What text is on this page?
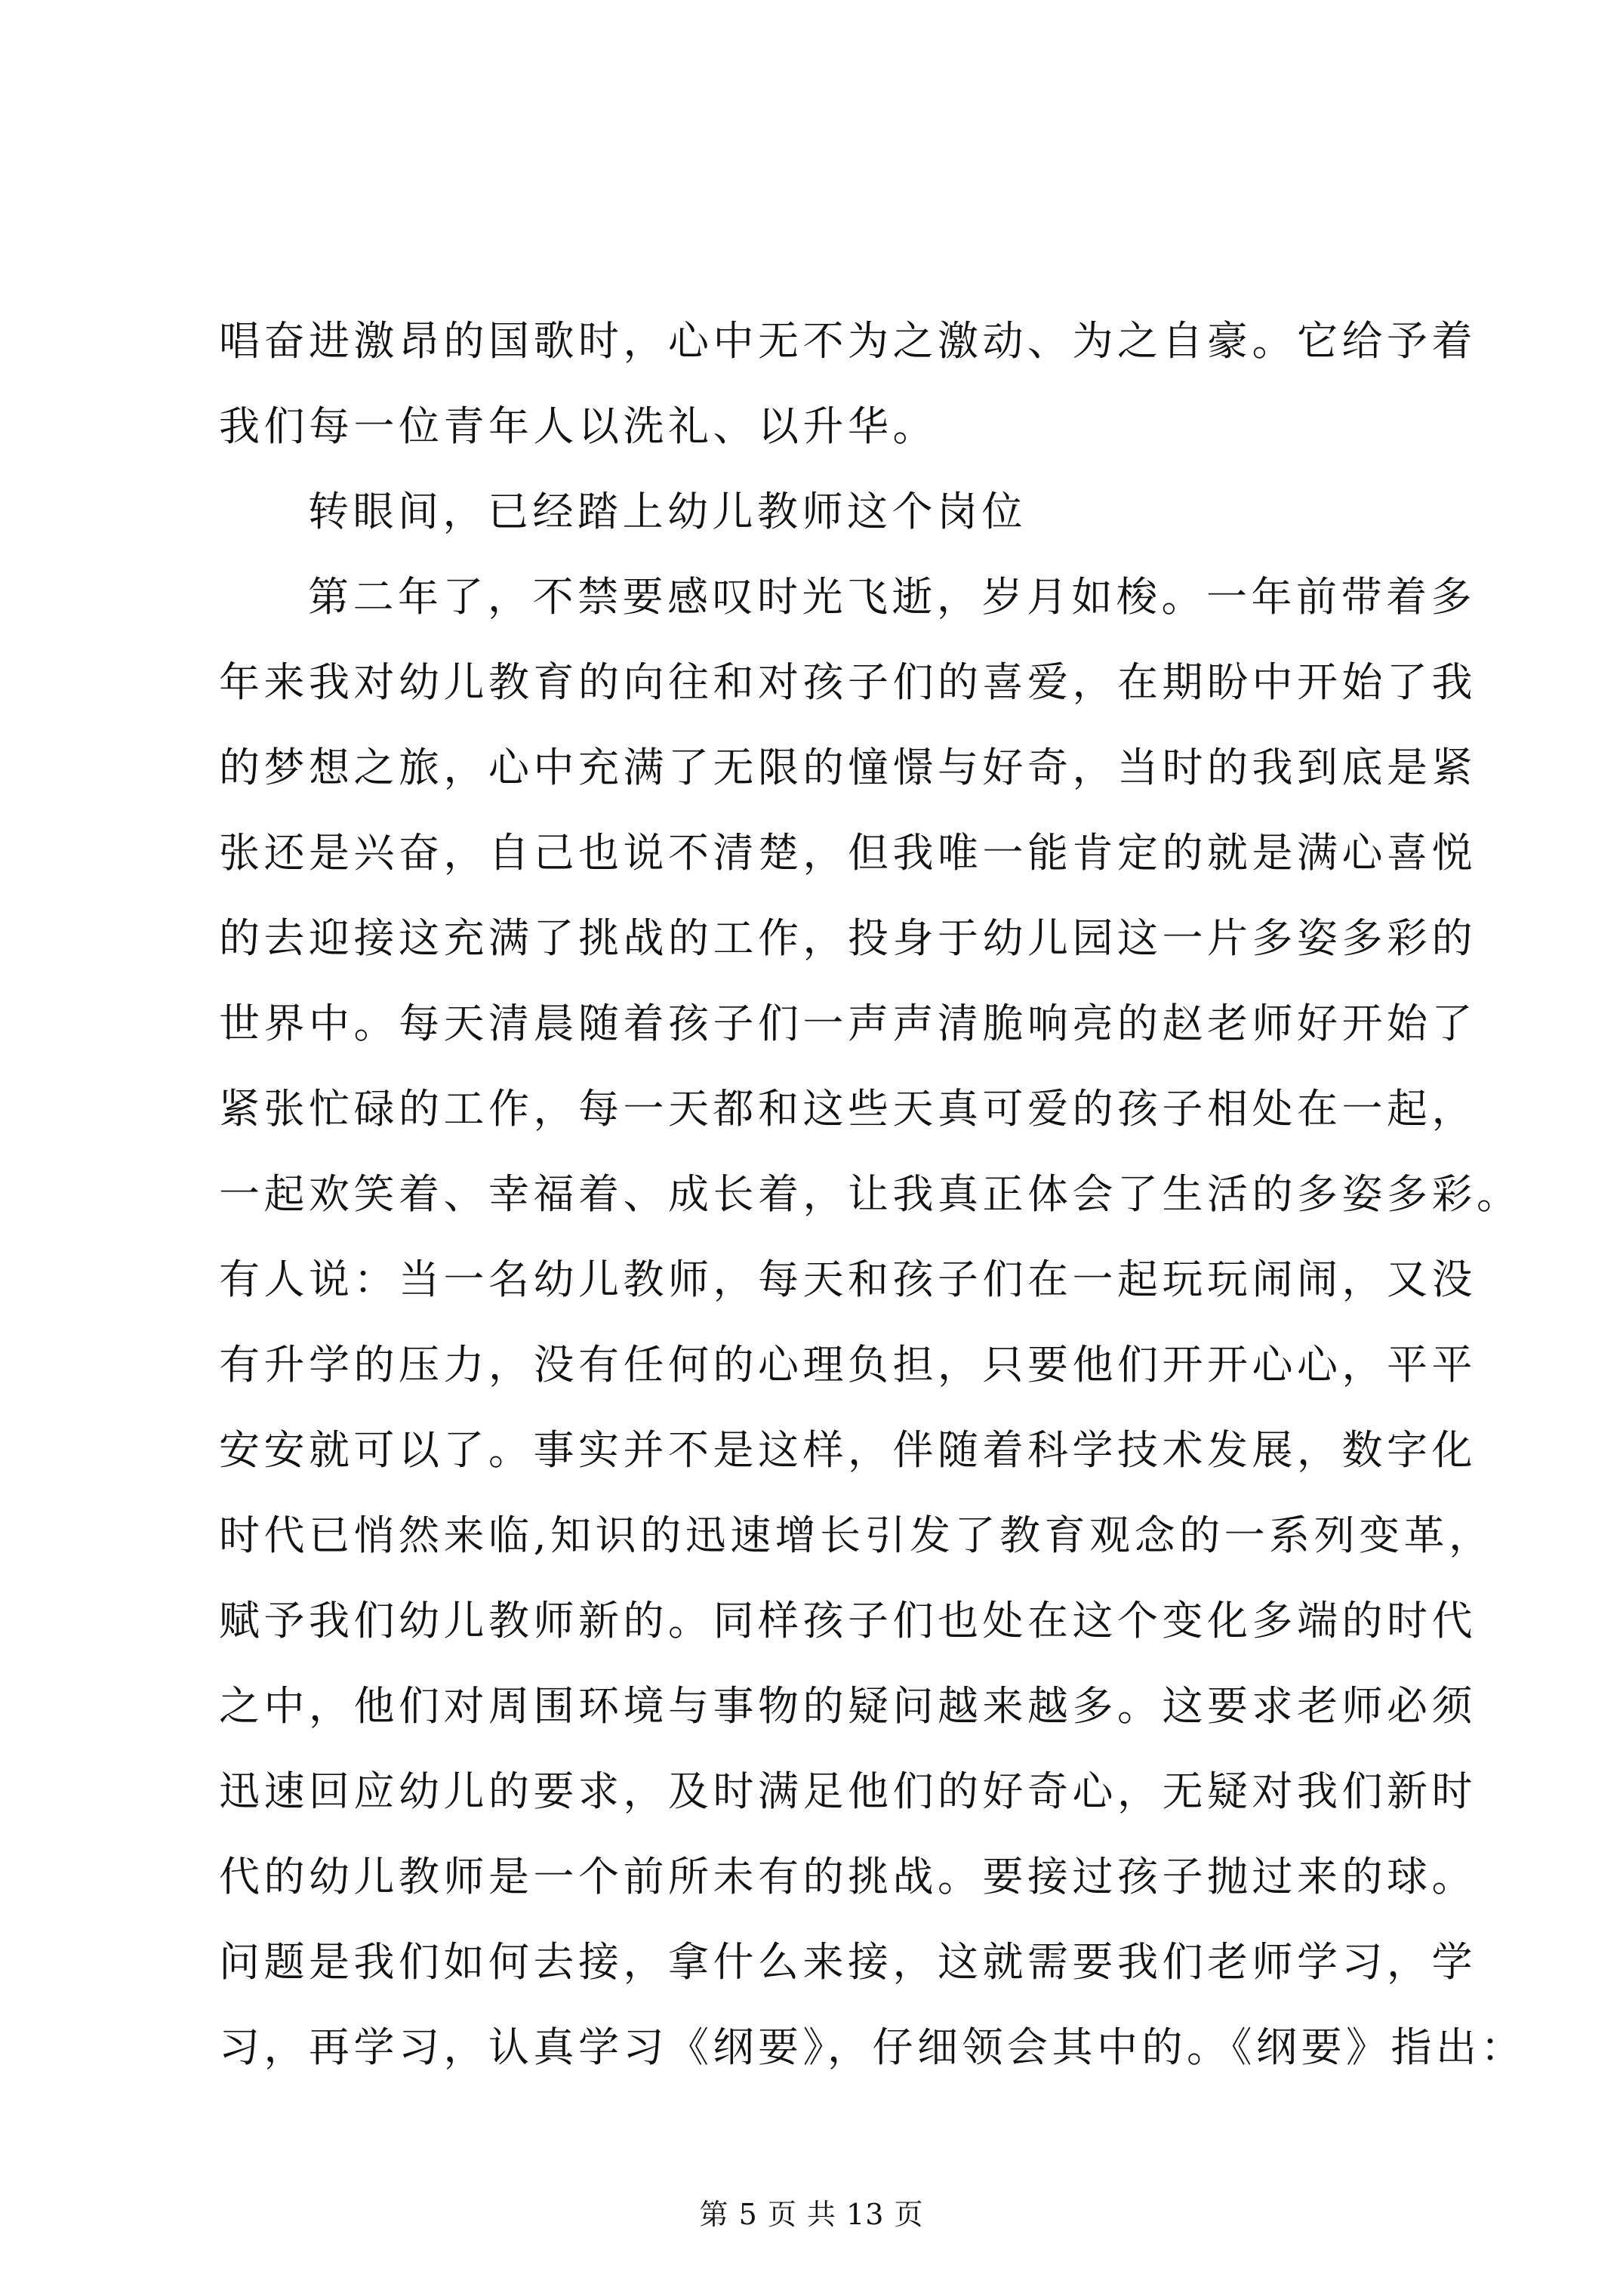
唱奋进激昂的国歌时，心中无不为之激动、为之自豪。它给予着
我们每一位青年人以洗礼、以升华。
转眼间，已经踏上幼儿教师这个岗位
第二年了，不禁要感叹时光飞逝，岁月如梭。一年前带着多
年来我对幼儿教育的向往和对孩子们的喜爱，在期盼中开始了我
的梦想之旅，心中充满了无限的憧憬与好奇，当时的我到底是紧
张还是兴奋，自己也说不清楚，但我唯一能肯定的就是满心喜悦
的去迎接这充满了挑战的工作，投身于幼儿园这一片多姿多彩的
世界中。每天清晨随着孩子们一声声清脆响亮的赵老师好开始了
紧张忙碌的工作，每一天都和这些天真可爱的孩子相处在一起，
一起欢笑着、幸福着、成长着，让我真正体会了生活的多姿多彩。
有人说：当一名幼儿教师，每天和孩子们在一起玩玩闹闹，又没
有升学的压力，没有任何的心理负担，只要他们开开心心，平平
安安就可以了。事实并不是这样，伴随着科学技术发展，数字化
时代已悄然来临,知识的迅速增长引发了教育观念的一系列变革，
赋予我们幼儿教师新的。同样孩子们也处在这个变化多端的时代
之中，他们对周围环境与事物的疑问越来越多。这要求老师必须
迅速回应幼儿的要求，及时满足他们的好奇心，无疑对我们新时
代的幼儿教师是一个前所未有的挑战。要接过孩子抛过来的球。
问题是我们如何去接，拿什么来接，这就需要我们老师学习，学
习，再学习，认真学习《纲要》，仔细领会其中的。《纲要》指出：
第 5 页 共 13 页
